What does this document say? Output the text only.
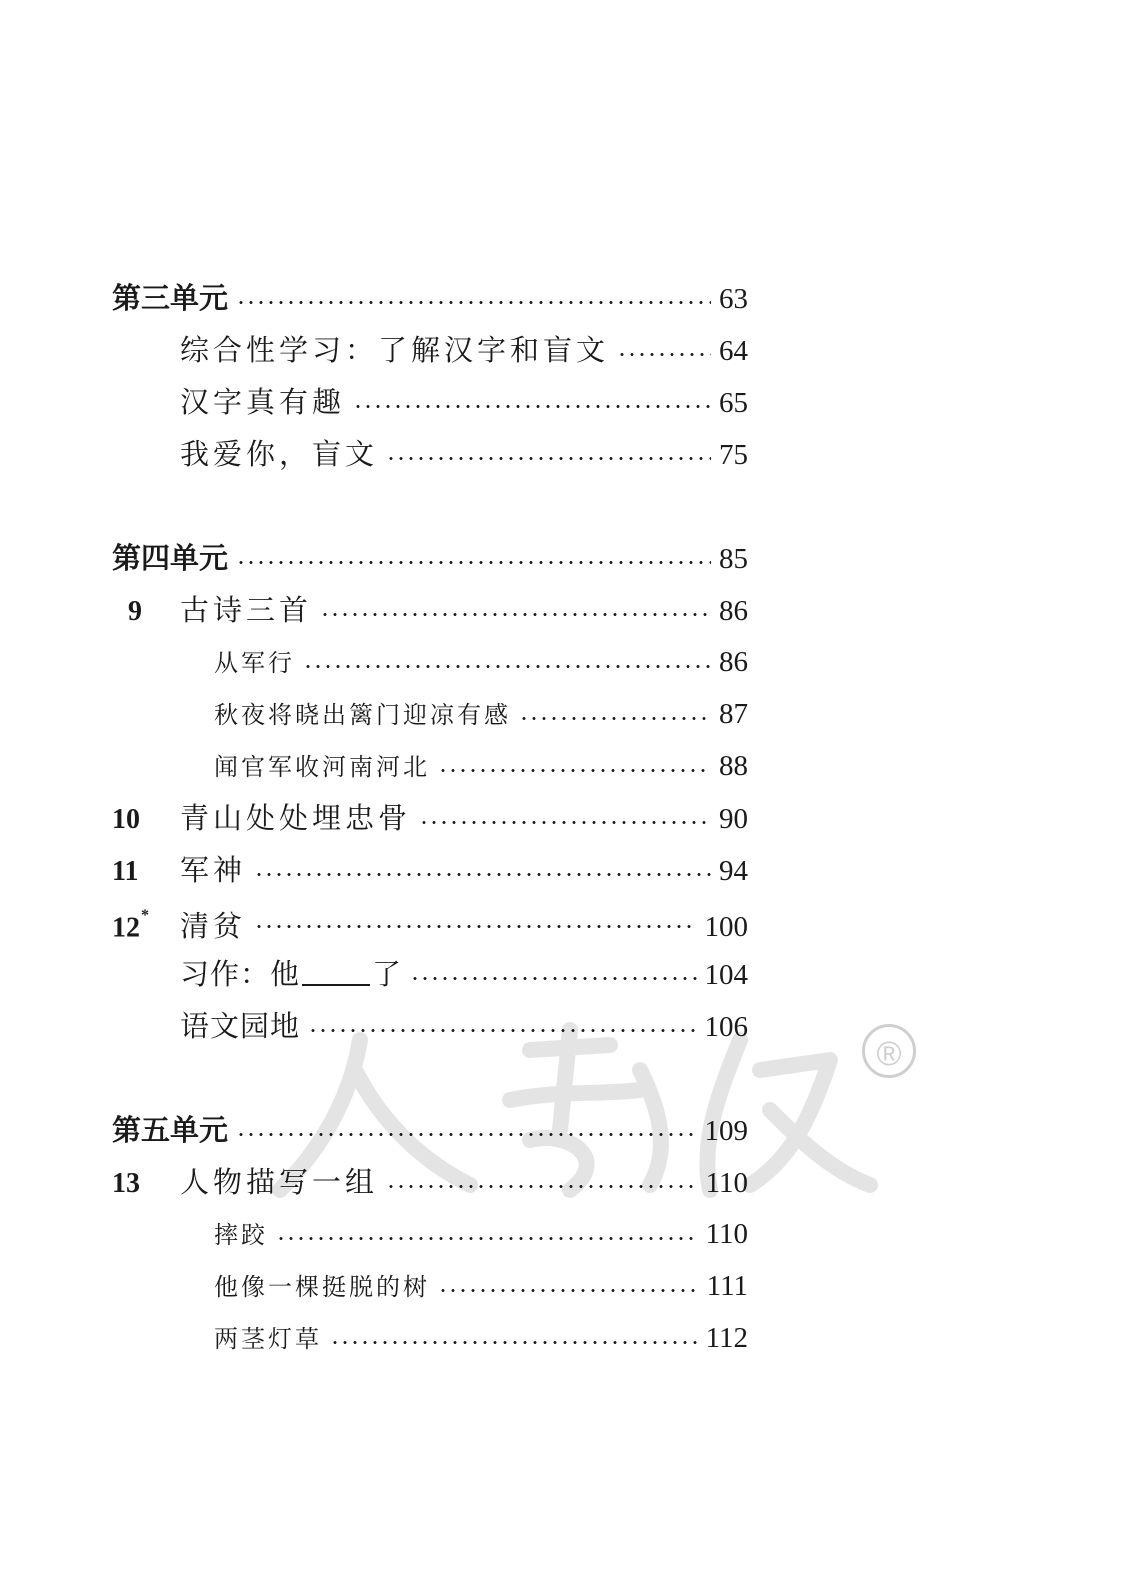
第三单元	63
综合性学习：了解汉字和盲文	64
汉字真有趣	65
我爱你，盲文	75
第四单元	85
9	古诗三首	86
从军行	86
秋夜将晓出篱门迎凉有感	87
闻官军收河南河北	88
10	青山处处埋忠骨	90
11	军神	94
12*	清贫	100
习作：他 了	104
语文园地	106
®
第五单元	109
13	人物描写一组	110
摔跤	110
他像一棵挺脱的树	111
两茎灯草	112
